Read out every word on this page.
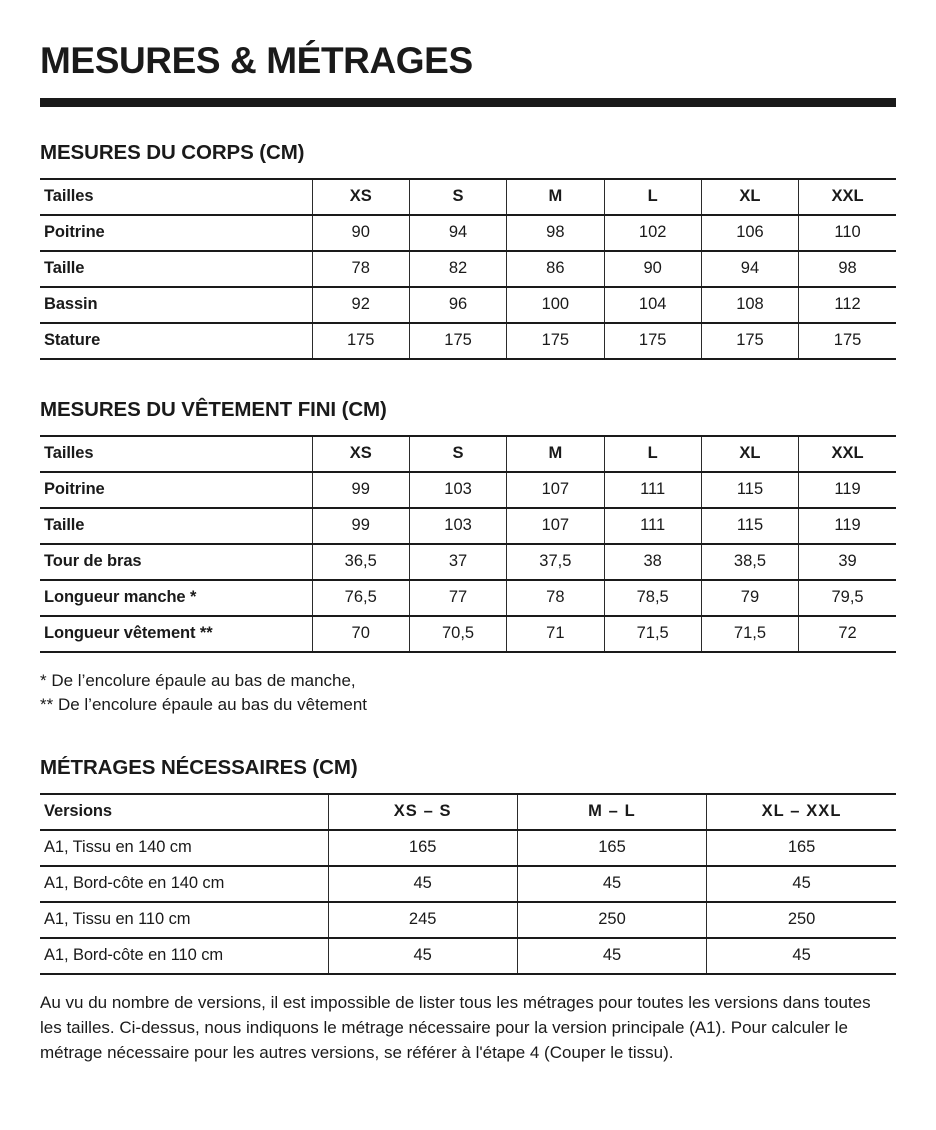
MESURES & MÉTRAGES
MESURES DU CORPS (CM)
Tailles	XS	S	M	L	XL	XXL
Poitrine	90	94	98	102	106	110
Taille	78	82	86	90	94	98
Bassin	92	96	100	104	108	112
Stature	175	175	175	175	175	175
MESURES DU VÊTEMENT FINI (CM)
Tailles	XS	S	M	L	XL	XXL
Poitrine	99	103	107	111	115	119
Taille	99	103	107	111	115	119
Tour de bras	36,5	37	37,5	38	38,5	39
Longueur manche *	76,5	77	78	78,5	79	79,5
Longueur vêtement **	70	70,5	71	71,5	71,5	72
* De l’encolure épaule au bas de manche,
** De l’encolure épaule au bas du vêtement
MÉTRAGES NÉCESSAIRES (CM)
Versions	XS – S	M – L	XL – XXL
A1, Tissu en 140 cm	165	165	165
A1, Bord-côte en 140 cm	45	45	45
A1, Tissu en 110 cm	245	250	250
A1, Bord-côte en 110 cm	45	45	45

Au vu du nombre de versions, il est impossible de lister tous les métrages pour toutes les versions dans toutes les tailles. Ci-dessus, nous indiquons le métrage nécessaire pour la version principale (A1). Pour calculer le métrage nécessaire pour les autres versions, se référer à l'étape 4 (Couper le tissu).
